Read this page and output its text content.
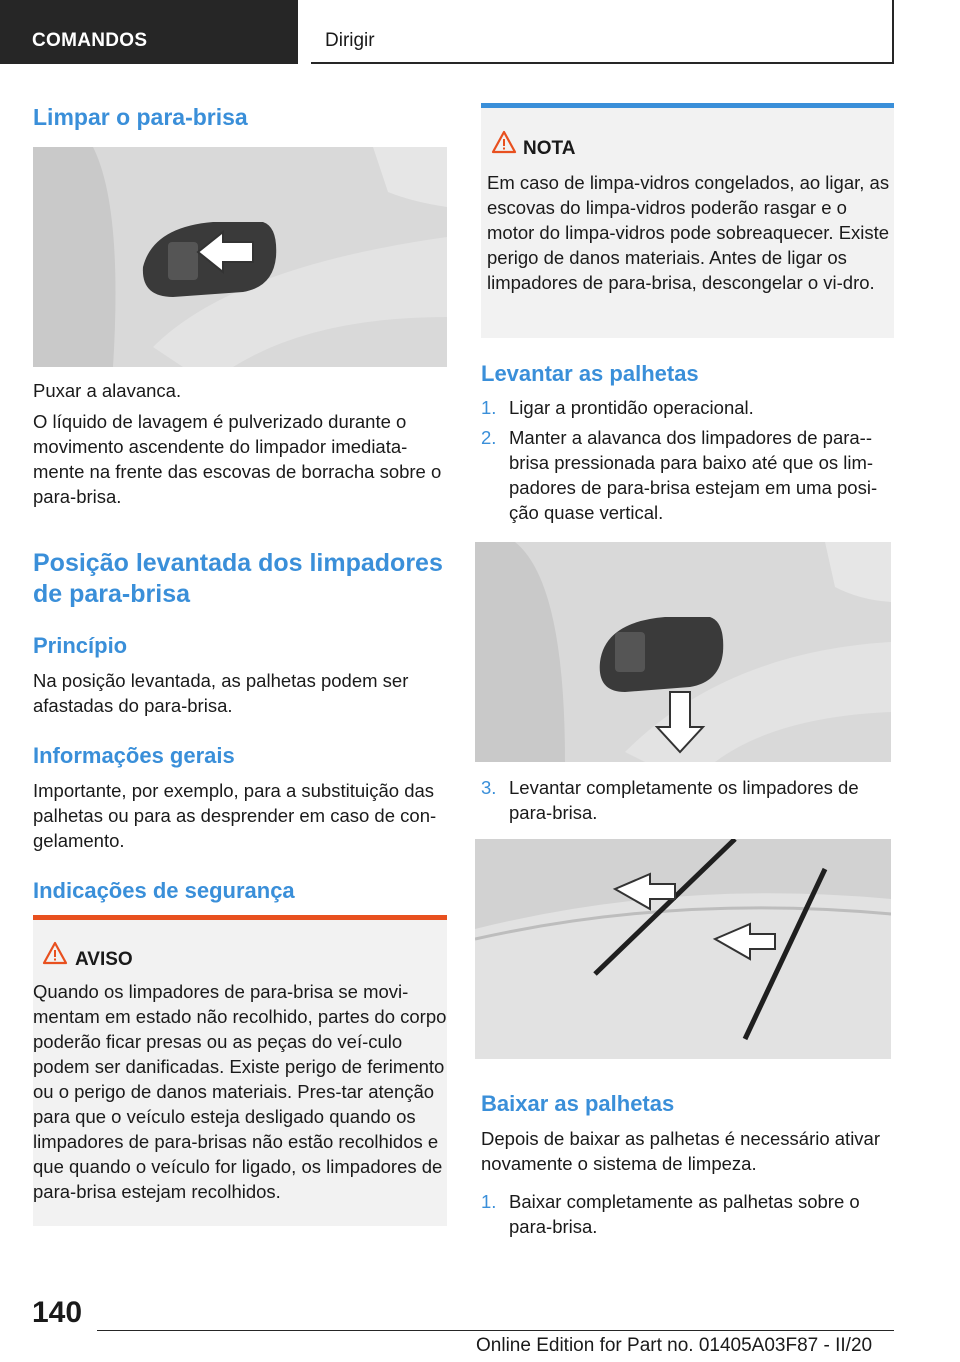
COMANDOS	Dirigir
Limpar o para-brisa

Puxar a alavanca.

O líquido de lavagem é pulverizado durante o movimento ascendente do limpador imediata-mente na frente das escovas de borracha sobre o para-brisa.

Posição levantada dos limpadores de para-brisa
Princípio

Na posição levantada, as palhetas podem ser afastadas do para-brisa.

Informações gerais

Importante, por exemplo, para a substituição das palhetas ou para as desprender em caso de con-gelamento.

Indicações de segurança
AVISO

Quando os limpadores de para-brisa se movi-mentam em estado não recolhido, partes do corpo poderão ficar presas ou as peças do veí-culo podem ser danificadas. Existe perigo de ferimento ou o perigo de danos materiais. Pres-tar atenção para que o veículo esteja desligado quando os limpadores de para-brisas não estão recolhidos e que quando o veículo for ligado, os limpadores de para-brisa estejam recolhidos.

NOTA

Em caso de limpa-vidros congelados, ao ligar, as escovas do limpa-vidros poderão rasgar e o motor do limpa-vidros pode sobreaquecer. Existe perigo de danos materiais. Antes de ligar os limpadores de para-brisa, descongelar o vi-dro.

Levantar as palhetas
1. Ligar a prontidão operacional.
2. Manter a alavanca dos limpadores de para--brisa pressionada para baixo até que os lim-padores de para-brisa estejam em uma posi-ção quase vertical.
3. Levantar completamente os limpadores de para-brisa.
Baixar as palhetas

Depois de baixar as palhetas é necessário ativar novamente o sistema de limpeza.

1. Baixar completamente as palhetas sobre o para-brisa.
140
Online Edition for Part no. 01405A03F87 - II/20
